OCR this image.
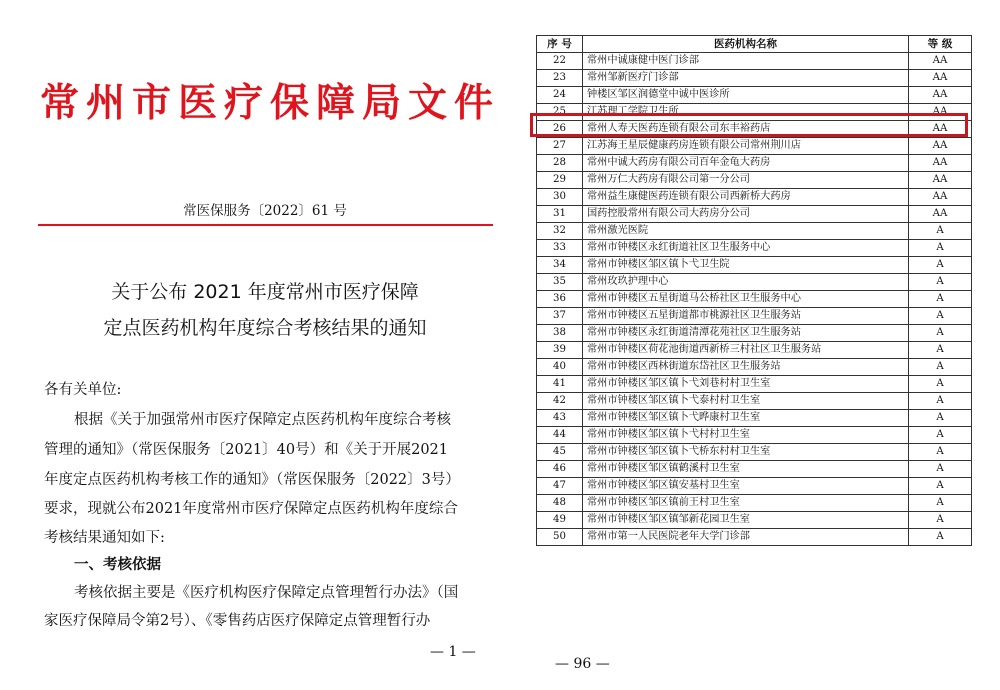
常州市医疗保障局文件
常医保服务〔2022〕61 号
关于公布 2021 年度常州市医疗保障
定点医药机构年度综合考核结果的通知
各有关单位:
根据《关于加强常州市医疗保障定点医药机构年度综合考核
管理的通知》（常医保服务〔2021〕40号）和《关于开展2021
年度定点医药机构考核工作的通知》（常医保服务〔2022〕3号）
要求，现就公布2021年度常州市医疗保障定点医药机构年度综合
考核结果通知如下:
一、考核依据
考核依据主要是《医疗机构医疗保障定点管理暂行办法》（国
家医疗保障局令第2号）、《零售药店医疗保障定点管理暂行办
— 1 —
— 96 —
序 号	医药机构名称	等 级
22	常州中诚康健中医门诊部	AA
23	常州邹新医疗门诊部	AA
24	钟楼区邹区润德堂中诚中医诊所	AA
25	江苏理工学院卫生所	AA
26	常州人寿天医药连锁有限公司东丰裕药店	AA
27	江苏海王星辰健康药房连锁有限公司常州荆川店	AA
28	常州中诚大药房有限公司百年金龟大药房	AA
29	常州万仁大药房有限公司第一分公司	AA
30	常州益生康健医药连锁有限公司西新桥大药房	AA
31	国药控股常州有限公司大药房分公司	AA
32	常州激光医院	A
33	常州市钟楼区永红街道社区卫生服务中心	A
34	常州市钟楼区邹区镇卜弋卫生院	A
35	常州玫玖护理中心	A
36	常州市钟楼区五星街道马公桥社区卫生服务中心	A
37	常州市钟楼区五星街道都市桃源社区卫生服务站	A
38	常州市钟楼区永红街道清潭花苑社区卫生服务站	A
39	常州市钟楼区荷花池街道西新桥三村社区卫生服务站	A
40	常州市钟楼区西林街道东岱社区卫生服务站	A
41	常州市钟楼区邹区镇卜弋刘巷村村卫生室	A
42	常州市钟楼区邹区镇卜弋泰村村卫生室	A
43	常州市钟楼区邹区镇卜弋晔康村卫生室	A
44	常州市钟楼区邹区镇卜弋村村卫生室	A
45	常州市钟楼区邹区镇卜弋桥东村村卫生室	A
46	常州市钟楼区邹区镇鹤溪村卫生室	A
47	常州市钟楼区邹区镇安基村卫生室	A
48	常州市钟楼区邹区镇前王村卫生室	A
49	常州市钟楼区邹区镇邹新花园卫生室	A
50	常州市第一人民医院老年大学门诊部	A
